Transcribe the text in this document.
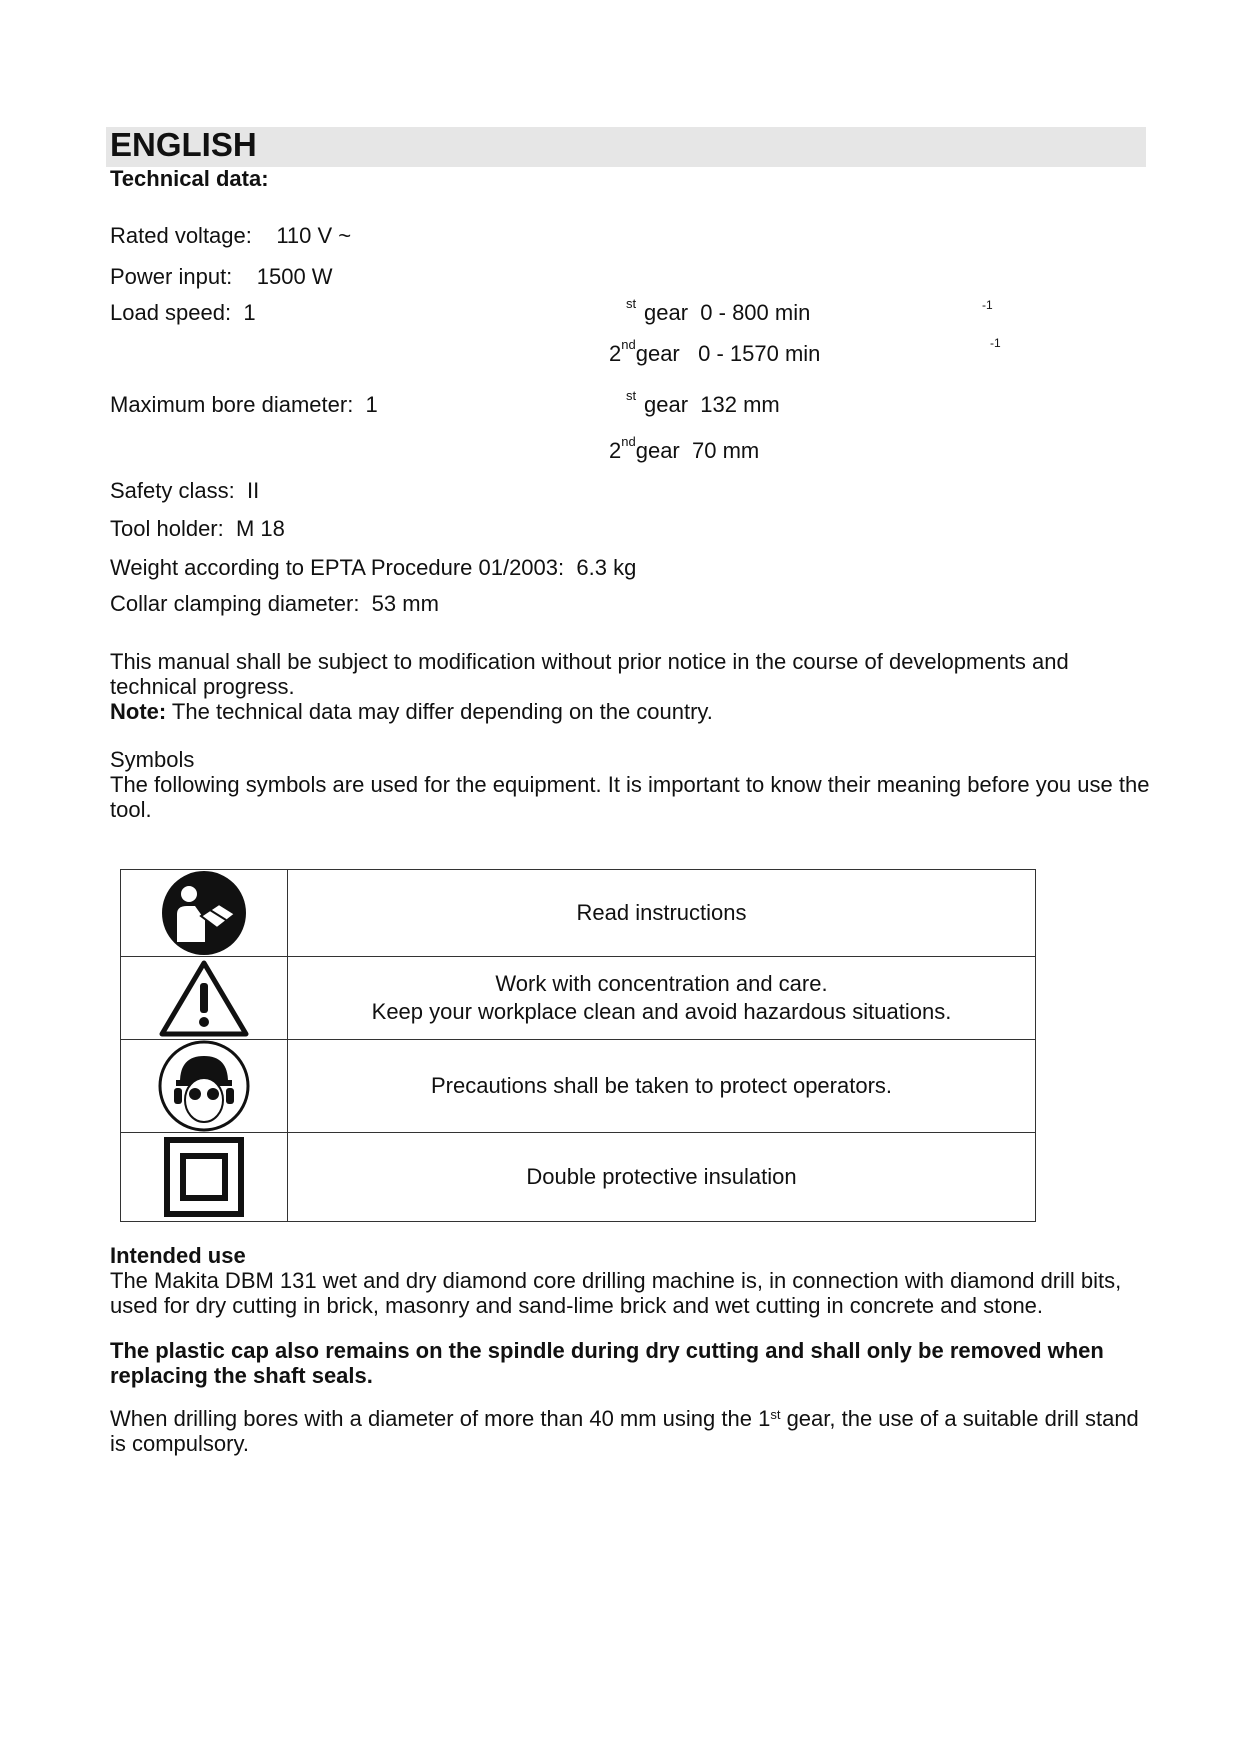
ENGLISH
Technical data:
Rated voltage: 110 V ~
Power input: 1500 W
Load speed: 1	st gear 0 - 800 min	-1
2ndgear 0 - 1570 min	-1
Maximum bore diameter: 1	st gear 132 mm
2ndgear 70 mm
Safety class: II
Tool holder: M 18
Weight according to EPTA Procedure 01/2003: 6.3 kg
Collar clamping diameter: 53 mm
This manual shall be subject to modification without prior notice in the course of developments and technical progress.
Note: The technical data may differ depending on the country.
Symbols
The following symbols are used for the equipment. It is important to know their meaning before you use the tool.

Read instructions

Work with concentration and care.
Keep your workplace clean and avoid hazardous situations.

Precautions shall be taken to protect operators.

Double protective insulation
Intended use
The Makita DBM 131 wet and dry diamond core drilling machine is, in connection with diamond drill bits, used for dry cutting in brick, masonry and sand-lime brick and wet cutting in concrete and stone.
The plastic cap also remains on the spindle during dry cutting and shall only be removed when replacing the shaft seals.
When drilling bores with a diameter of more than 40 mm using the 1st gear, the use of a suitable drill stand is compulsory.
